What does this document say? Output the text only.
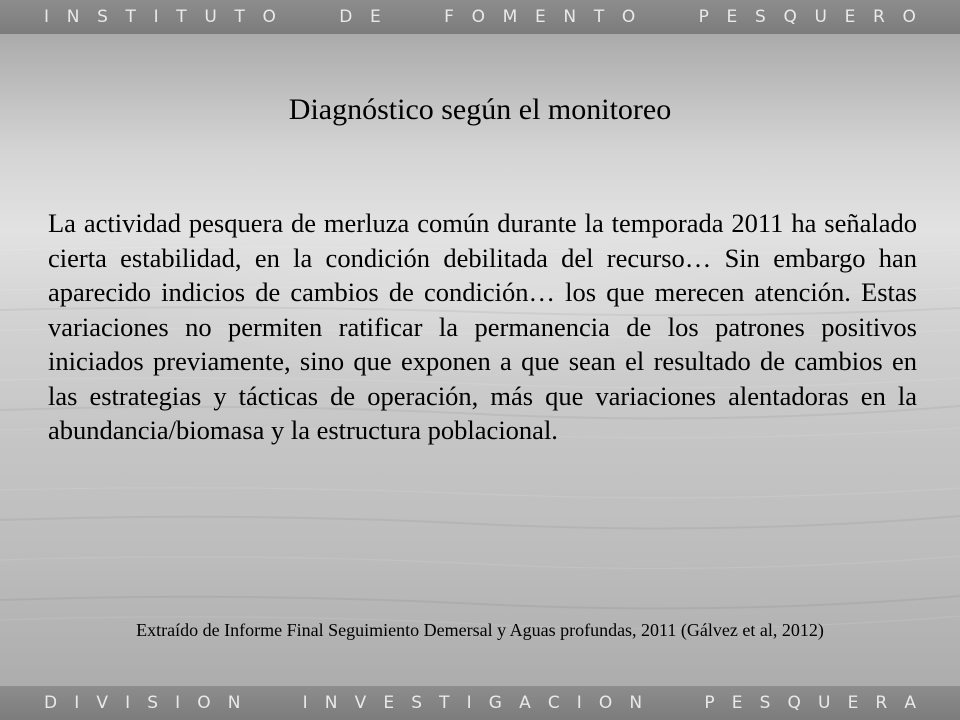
I N S T I T U T O	D E	F O M E N T O	P E S Q U E R O
Diagnóstico según el monitoreo

La actividad pesquera de merluza común durante la temporada 2011 ha señalado cierta estabilidad, en la condición debilitada del recurso… Sin embargo han aparecido indicios de cambios de condición… los que merecen atención. Estas variaciones no permiten ratificar la permanencia de los patrones positivos iniciados previamente, sino que exponen a que sean el resultado de cambios en las estrategias y tácticas de operación, más que variaciones alentadoras en la abundancia/biomasa y la estructura poblacional.

Extraído de Informe Final Seguimiento Demersal y Aguas profundas, 2011 (Gálvez et al, 2012)

D I V I S I O N	I N V E S T I G A C I O N	P E S Q U E R A
